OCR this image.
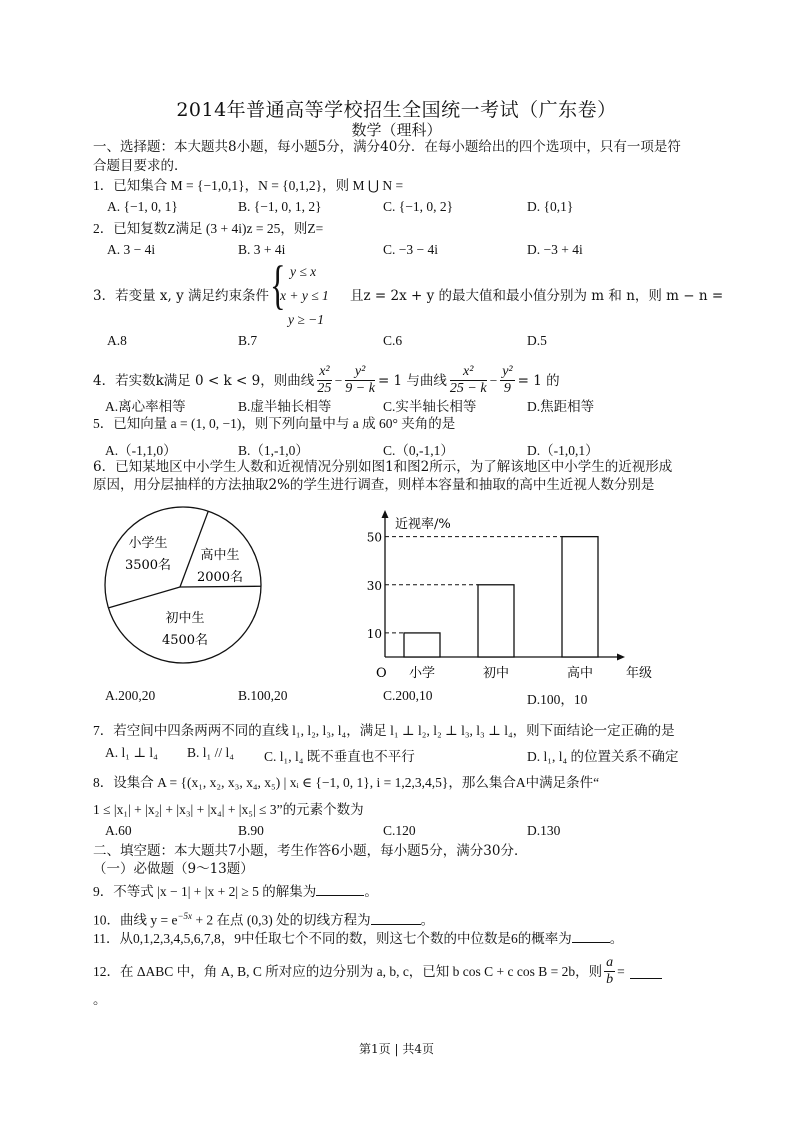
2014年普通高等学校招生全国统一考试（广东卷）
数学（理科）
一、选择题：本大题共8小题，每小题5分，满分40分．在每小题给出的四个选项中，只有一项是符
合题目要求的．
1．已知集合 M = {−1,0,1}，N = {0,1,2}，则 M ⋃ N =
A. {−1, 0, 1}	B. {−1, 0, 1, 2}	C. {−1, 0, 2}	D. {0,1}
2．已知复数Z满足 (3 + 4i)z = 25，则Z=
A. 3 − 4i	B. 3 + 4i	C. −3 − 4i	D. −3 + 4i
3．若变量 x, y 满足约束条件 { y ≤ x
x + y ≤ 1
y ≥ −1
且z = 2x + y 的最大值和最小值分别为 m 和 n，则 m − n =
A.8	B.7	C.6	D.5
4．若实数k满足 0 < k < 9，则曲线 $\frac{\text{x²}}{25} - \frac{\text{y²}}{9 - k} = 1$ 与曲线 $\frac{\text{x²}}{25 - k} - \frac{\text{y²}}{9} = 1$ 的
A.离心率相等	B.虚半轴长相等	C.实半轴长相等	D.焦距相等
5．已知向量 a = (1, 0, −1)，则下列向量中与 a 成 60° 夹角的是
A.（-1,1,0）	B.（1,-1,0）	C.（0,-1,1）	D.（-1,0,1）
6．已知某地区中小学生人数和近视情况分别如图1和图2所示，为了解该地区中小学生的近视形成
原因，用分层抽样的方法抽取2%的学生进行调查，则样本容量和抽取的高中生近视人数分别是
小学生
3500名
高中生
2000名
初中生
4500名
近视率/%
年级
O
10
30
50
小学	初中	高中
A.200,20	B.100,20	C.200,10	D.100，10
7．若空间中四条两两不同的直线 l₁, l₂, l₃, l₄，满足 l₁ ⊥ l₂, l₂ ⊥ l₃, l₃ ⊥ l₄，则下面结论一定正确的是
A. l₁ ⊥ l₄ B. l₁ // l₄ C. l₁, l₄ 既不垂直也不平行	D. l₁, l₄ 的位置关系不确定
8．设集合 A = {(x₁, x₂, x₃, x₄, x₅) | xᵢ ∈ {−1, 0, 1}, i = 1,2,3,4,5}，那么集合A中满足条件“
1 ≤ |x₁| + |x₂| + |x₃| + |x₄| + |x₅| ≤ 3”的元素个数为
A.60	B.90	C.120	D.130
二、填空题：本大题共7小题，考生作答6小题，每小题5分，满分30分．
（一）必做题（9～13题）
9．不等式 |x − 1| + |x + 2| ≥ 5 的解集为	。
10．曲线 $y = e^{-5x} + 2$ 在点 (0,3) 处的切线方程为	。
11．从0,1,2,3,4,5,6,7,8，9中任取七个不同的数，则这七个数的中位数是6的概率为	。
12．在 ΔABC 中，角 A, B, C 所对应的边分别为 a, b, c，已知 b cos C + c cos B = 2b，则 $\frac{a}{b}$ =
。
第1页 | 共4页
